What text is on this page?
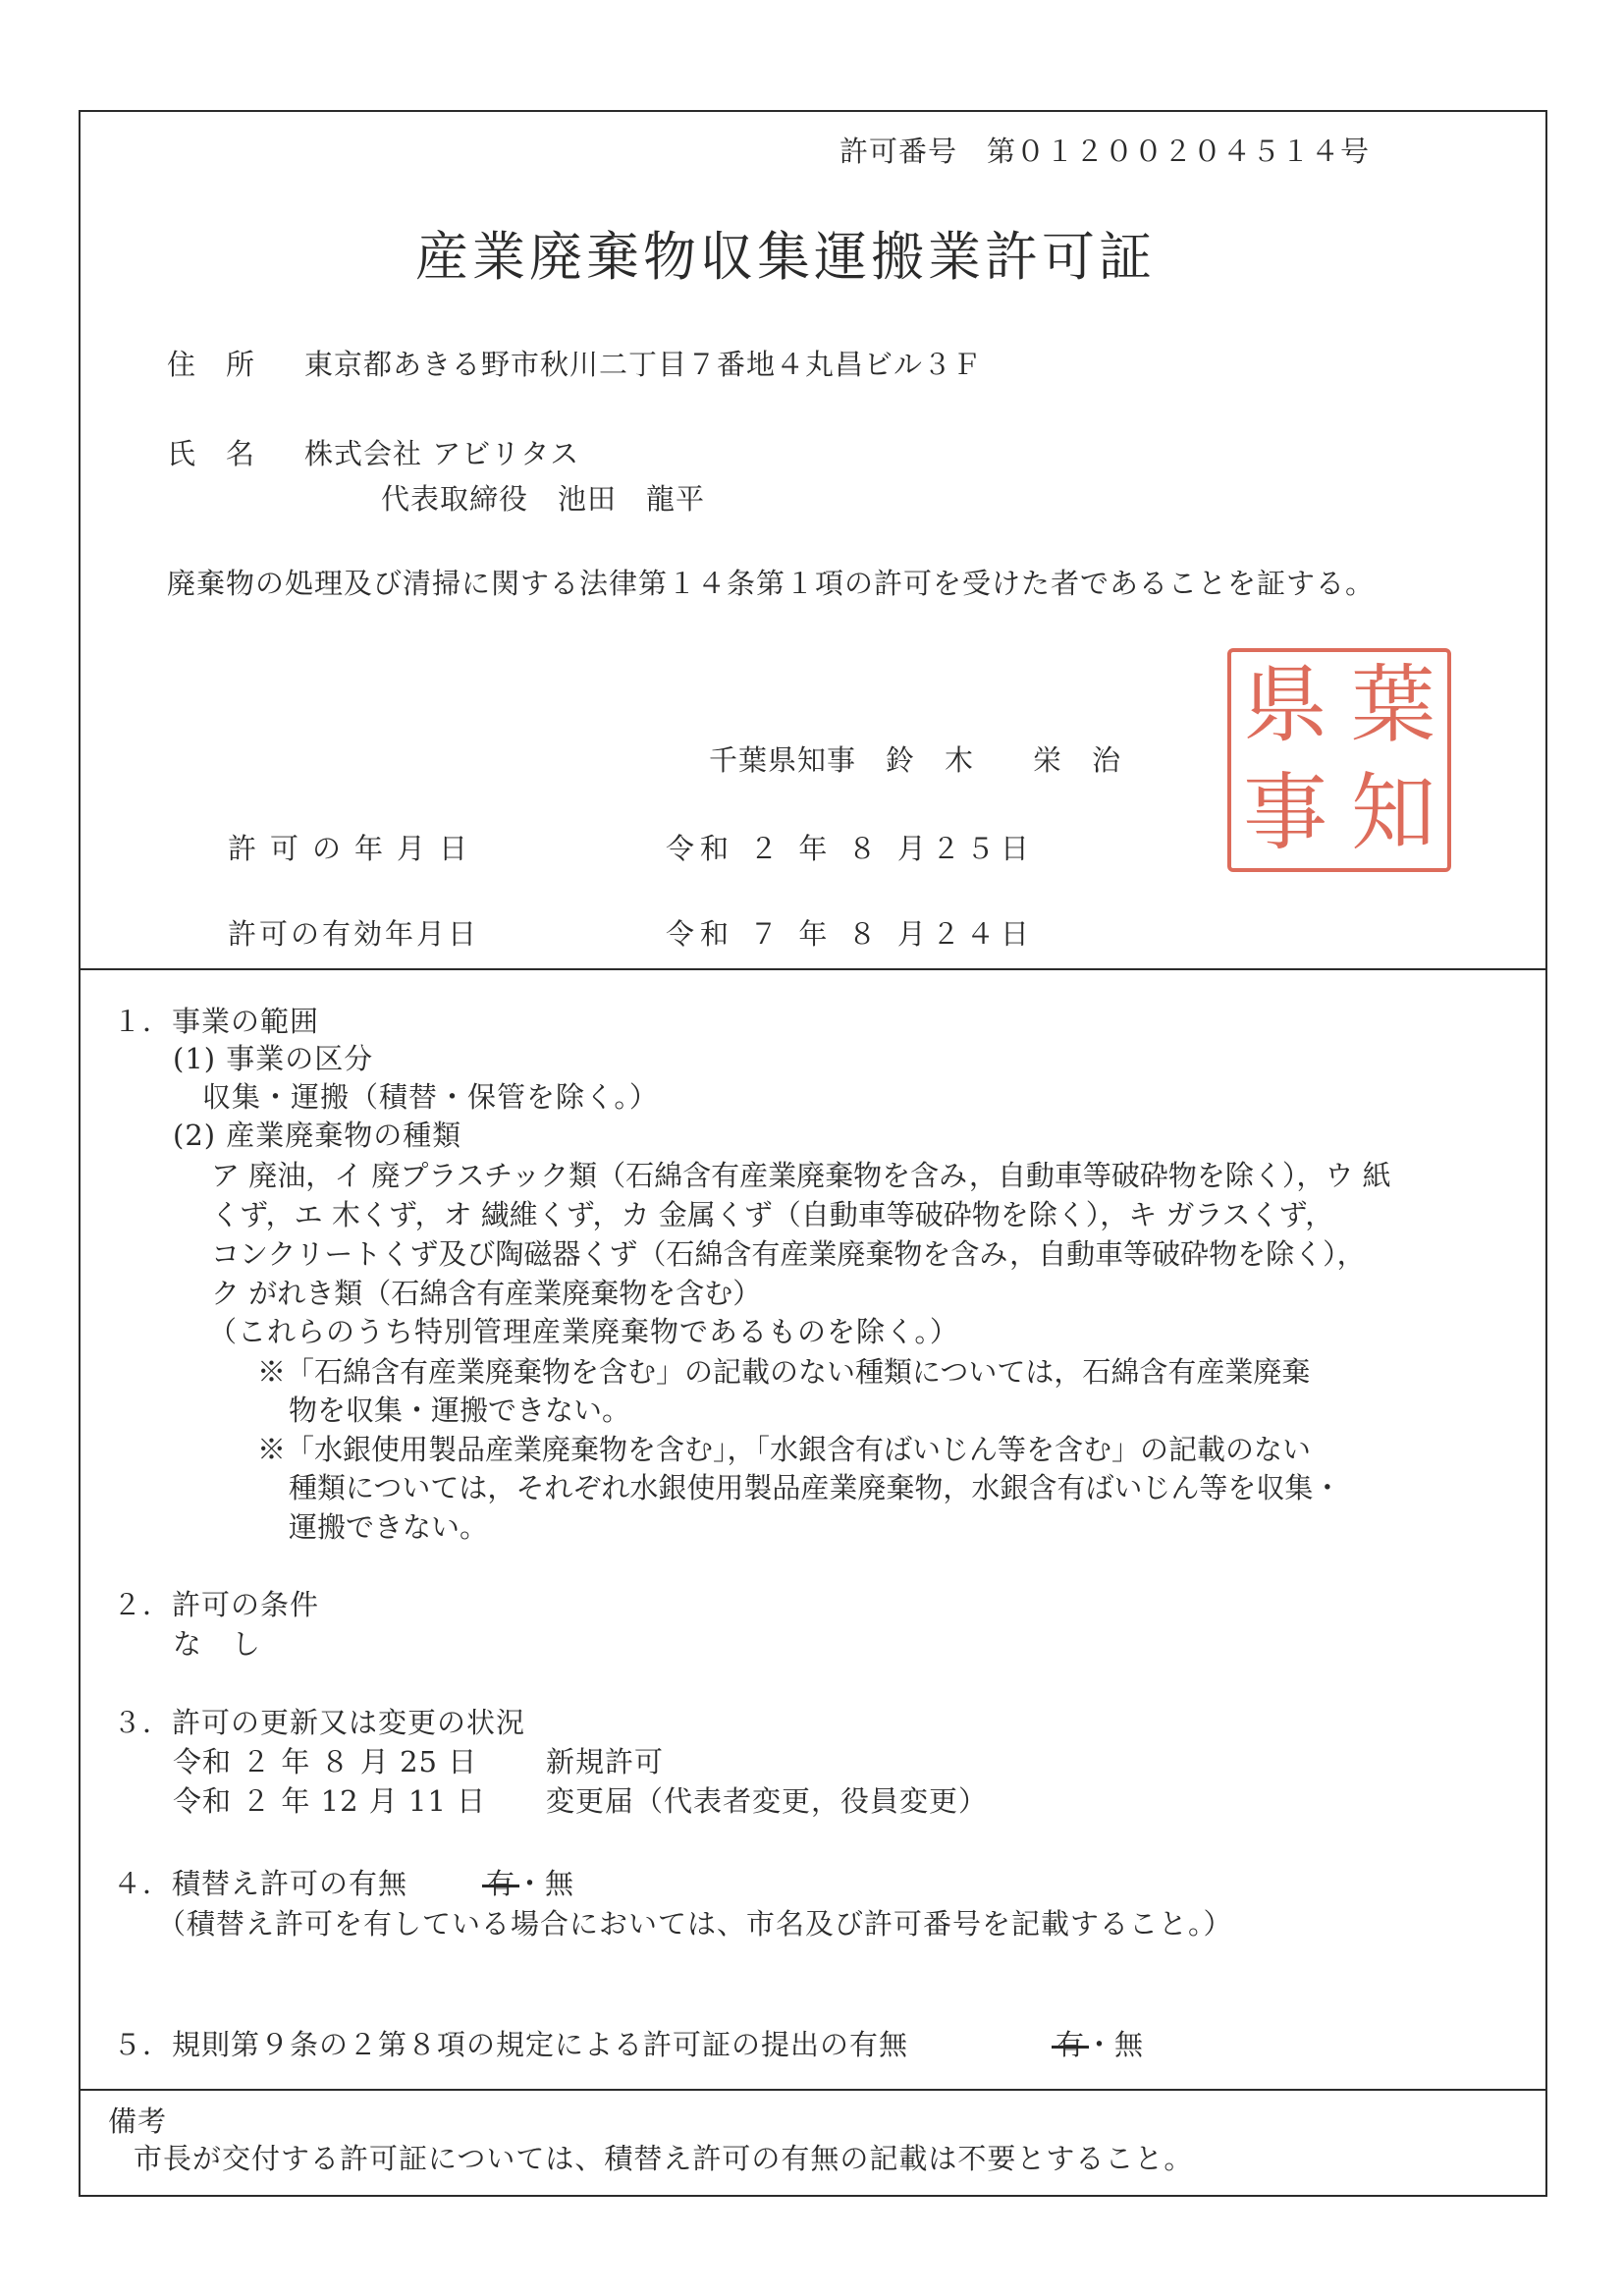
許可番号　第０１２００２０４５１４号
産業廃棄物収集運搬業許可証
住　所 東京都あきる野市秋川二丁目７番地４丸昌ビル３Ｆ
氏　名 株式会社 アビリタス
代表取締役　池田　龍平
廃棄物の処理及び清掃に関する法律第１４条第１項の許可を受けた者であることを証する。
千葉県知事　鈴　木　　栄　治
県 葉
事 知
許可の年月日	令和 ２ 年 ８ 月２５日
許可の有効年月日	令和 ７ 年 ８ 月２４日
１．事業の範囲
(1) 事業の区分
収集・運搬（積替・保管を除く。）
(2) 産業廃棄物の種類
ア 廃油，イ 廃プラスチック類（石綿含有産業廃棄物を含み，自動車等破砕物を除く），ウ 紙
くず，エ 木くず，オ 繊維くず，カ 金属くず（自動車等破砕物を除く），キ ガラスくず，
コンクリートくず及び陶磁器くず（石綿含有産業廃棄物を含み，自動車等破砕物を除く），
ク がれき類（石綿含有産業廃棄物を含む）
（これらのうち特別管理産業廃棄物であるものを除く。）
※「石綿含有産業廃棄物を含む」の記載のない種類については，石綿含有産業廃棄
物を収集・運搬できない。
※「水銀使用製品産業廃棄物を含む」，「水銀含有ばいじん等を含む」の記載のない
種類については，それぞれ水銀使用製品産業廃棄物，水銀含有ばいじん等を収集・
運搬できない。
２．許可の条件
な　し
３．許可の更新又は変更の状況
令和 ２ 年 ８ 月 25 日 新規許可
令和 ２ 年 12 月 11 日 変更届（代表者変更，役員変更）
４．積替え許可の有無	有・無
（積替え許可を有している場合においては、市名及び許可番号を記載すること。）
５．規則第９条の２第８項の規定による許可証の提出の有無	有・無
備考
市長が交付する許可証については、積替え許可の有無の記載は不要とすること。
